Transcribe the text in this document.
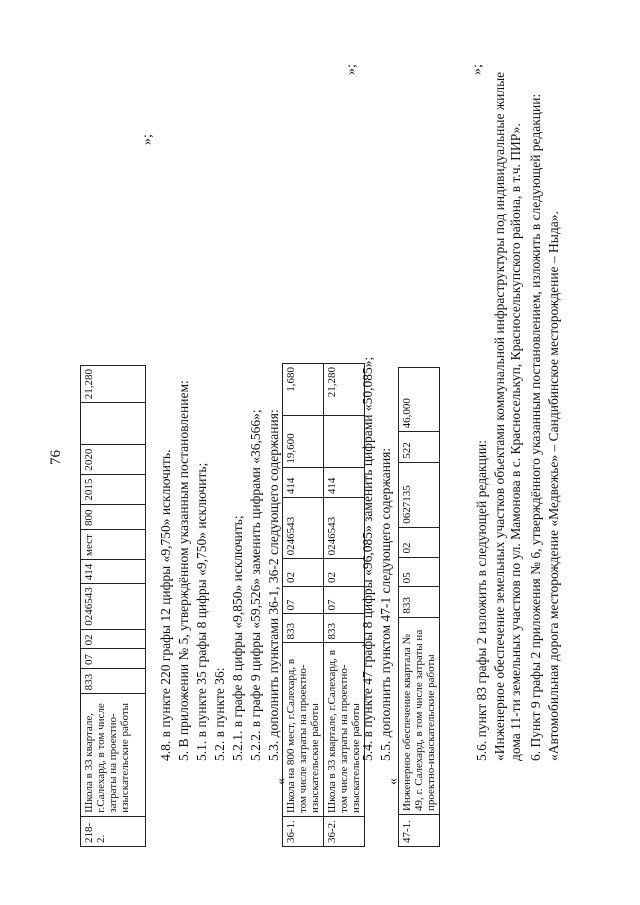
76
218-2.	Школа в 33 квартале, г.Салехард, в том числе затраты на проектно-изыскательские работы	833	07	02	0246543	414	мест	800	2015	2020		21,280
»;
4.8. в пункте 220 графы 12 цифры «9,750» исключить. 5. В приложении № 5, утверждённом указанным постановлением: 5.1. в пункте 35 графы 8 цифры «9,750» исключить; 5.2. в пункте 36: 5.2.1. в графе 8 цифры «9,850» исключить; 5.2.2. в графе 9 цифры «59,526» заменить цифрами «36,566»; 5.3. дополнить пунктами 36-1, 36-2 следующего содержания:
«
36-1.	Школа на 800 мест, г.Салехард, в том числе затраты на проектно-изыскательские работы	833	07	02	0246543	414	19,600	1,680
36-2.	Школа в 33 квартале, г.Салехард, в том числе затраты на проектно-изыскательские работы	833	07	02	0246543	414		21,280
»;
5.4. в пункте 47 графы 8 цифры «96,085» заменить цифрами «50,085»; 5.5. дополнить пунктом 47-1 следующего содержания:
«
47-1.	Инженерное обеспечение квартала № 49, г. Салехард, в том числе затраты на проектно-изыскательские работы	833	05	02	0627135	522	46,000
»;
5.6. пункт 83 графы 2 изложить в следующей редакции: «Инженерное обеспечение земельных участков объектами коммунальной инфраструктуры под индивидуальные жилые дома 11-ти земельных участков по ул. Мамонова в с. Красноселькуп, Красноселькупского района, в т.ч. ПИР». 6. Пункт 9 графы 2 приложения № 6, утверждённого указанным постановлением, изложить в следующей редакции: «Автомобильная дорога месторождение «Медвежье» – Сандибинское месторождение – Ныда».
